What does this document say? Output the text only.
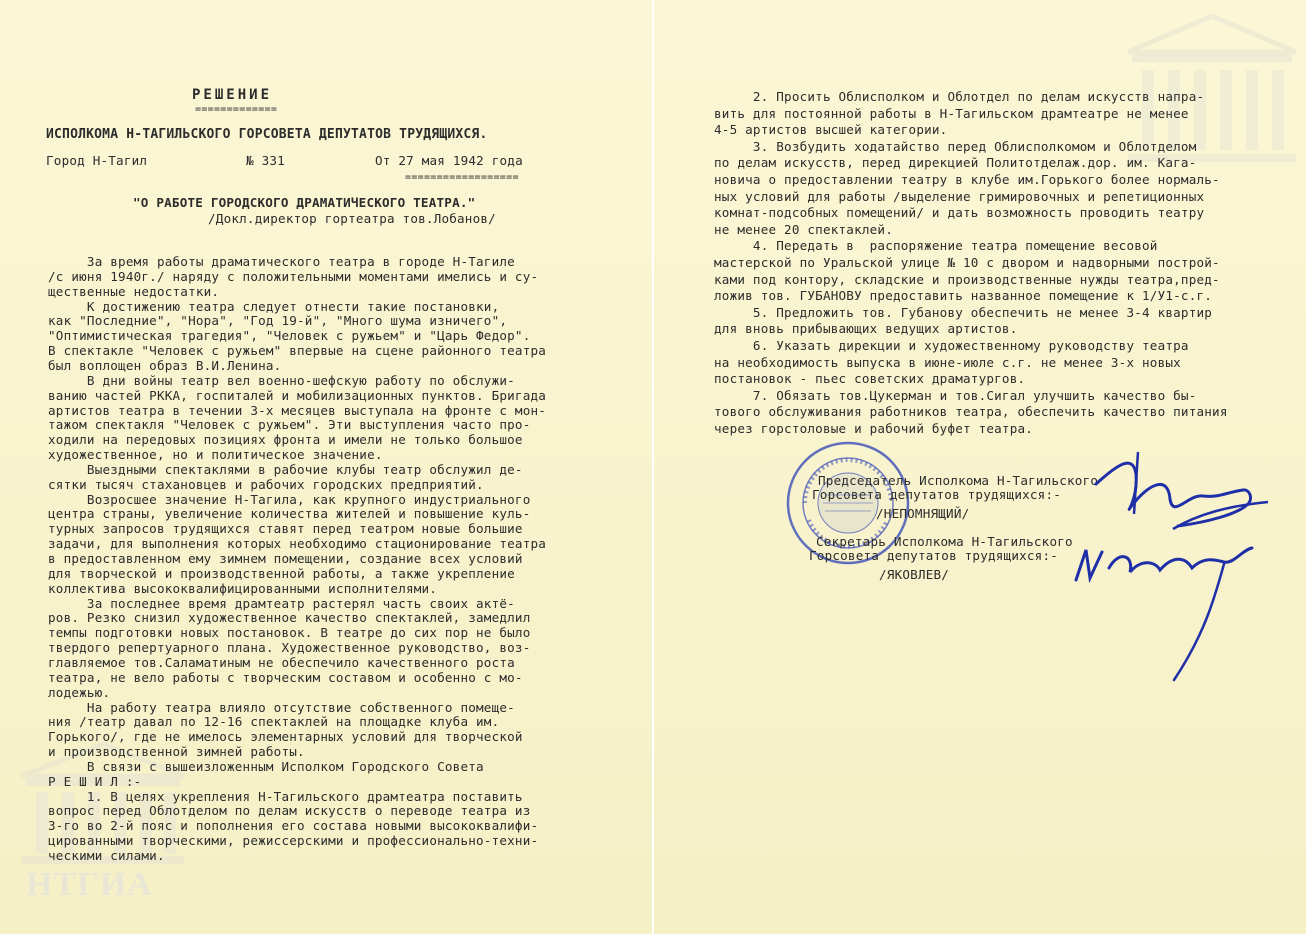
НТГИА
РЕШЕНИЕ
=============
ИСПОЛКОМА Н-ТАГИЛЬСКОГО ГОРСОВЕТА ДЕПУТАТОВ ТРУДЯЩИХСЯ.
Город Н-Тагил	№ 331	От 27 мая 1942 года
==================
"О РАБОТЕ ГОРОДСКОГО ДРАМАТИЧЕСКОГО ТЕАТРА."
/Докл.директор гортеатра тов.Лобанов/
За время работы драматического театра в городе Н-Тагиле
/с июня 1940г./ наряду с положительными моментами имелись и су-
щественные недостатки.
К достижению театра следует отнести такие постановки,
как "Последние", "Нора", "Год 19-й", "Много шума изничего",
"Оптимистическая трагедия", "Человек с ружьем" и "Царь Федор".
В спектакле "Человек с ружьем" впервые на сцене районного театра
был воплощен образ В.И.Ленина.
В дни войны театр вел военно-шефскую работу по обслужи-
ванию частей РККА, госпиталей и мобилизационных пунктов. Бригада
артистов театра в течении 3-х месяцев выступала на фронте с мон-
тажом спектакля "Человек с ружьем". Эти выступления часто про-
ходили на передовых позициях фронта и имели не только большое
художественное, но и политическое значение.
Выездными спектаклями в рабочие клубы театр обслужил де-
сятки тысяч стахановцев и рабочих городских предприятий.
Возросшее значение Н-Тагила, как крупного индустриального
центра страны, увеличение количества жителей и повышение куль-
турных запросов трудящихся ставят перед театром новые большие
задачи, для выполнения которых необходимо стационирование театра
в предоставленном ему зимнем помещении, создание всех условий
для творческой и производственной работы, а также укрепление
коллектива высококвалифицированными исполнителями.
За последнее время драмтеатр растерял часть своих актё-
ров. Резко снизил художественное качество спектаклей, замедлил
темпы подготовки новых постановок. В театре до сих пор не было
твердого репертуарного плана. Художественное руководство, воз-
главляемое тов.Саламатиным не обеспечило качественного роста
театра, не вело работы с творческим составом и особенно с мо-
лодежью.
На работу театра влияло отсутствие собственного помеще-
ния /театр давал по 12-16 спектаклей на площадке клуба им.
Горького/, где не имелось элементарных условий для творческой
и производственной зимней работы.
В связи с вышеизложенным Исполком Городского Совета
Р Е Ш И Л :-
1. В целях укрепления Н-Тагильского драмтеатра поставить
вопрос перед Облотделом по делам искусств о переводе театра из
3-го во 2-й пояс и пополнения его состава новыми высококвалифи-
цированными творческими, режиссерскими и профессионально-техни-
ческими силами.
2. Просить Облисполком и Облотдел по делам искусств напра-
вить для постоянной работы в Н-Тагильском драмтеатре не менее
4-5 артистов высшей категории.
3. Возбудить ходатайство перед Облисполкомом и Облотделом
по делам искусств, перед дирекцией Политотделаж.дор. им. Кага-
новича о предоставлении театру в клубе им.Горького более нормаль-
ных условий для работы /выделение гримировочных и репетиционных
комнат-подсобных помещений/ и дать возможность проводить театру
не менее 20 спектаклей.
4. Передать в  распоряжение театра помещение весовой
мастерской по Уральской улице № 10 с двором и надворными построй-
ками под контору, складские и производственные нужды театра,пред-
ложив тов. ГУБАНОВУ предоставить названное помещение к 1/У1-с.г.
5. Предложить тов. Губанову обеспечить не менее 3-4 квартир
для вновь прибывающих ведущих артистов.
6. Указать дирекции и художественному руководству театра
на необходимость выпуска в июне-июле с.г. не менее 3-х новых
постановок - пьес советских драматургов.
7. Обязать тов.Цукерман и тов.Сигал улучшить качество бы-
тового обслуживания работников театра, обеспечить качество питания
через горстоловые и рабочий буфет театра.
Председатель Исполкома Н-Тагильского
Горсовета депутатов трудящихся:-
/НЕПОМНЯЩИЙ/
Секретарь Исполкома Н-Тагильского
Горсовета депутатов трудящихся:-
/ЯКОВЛЕВ/
